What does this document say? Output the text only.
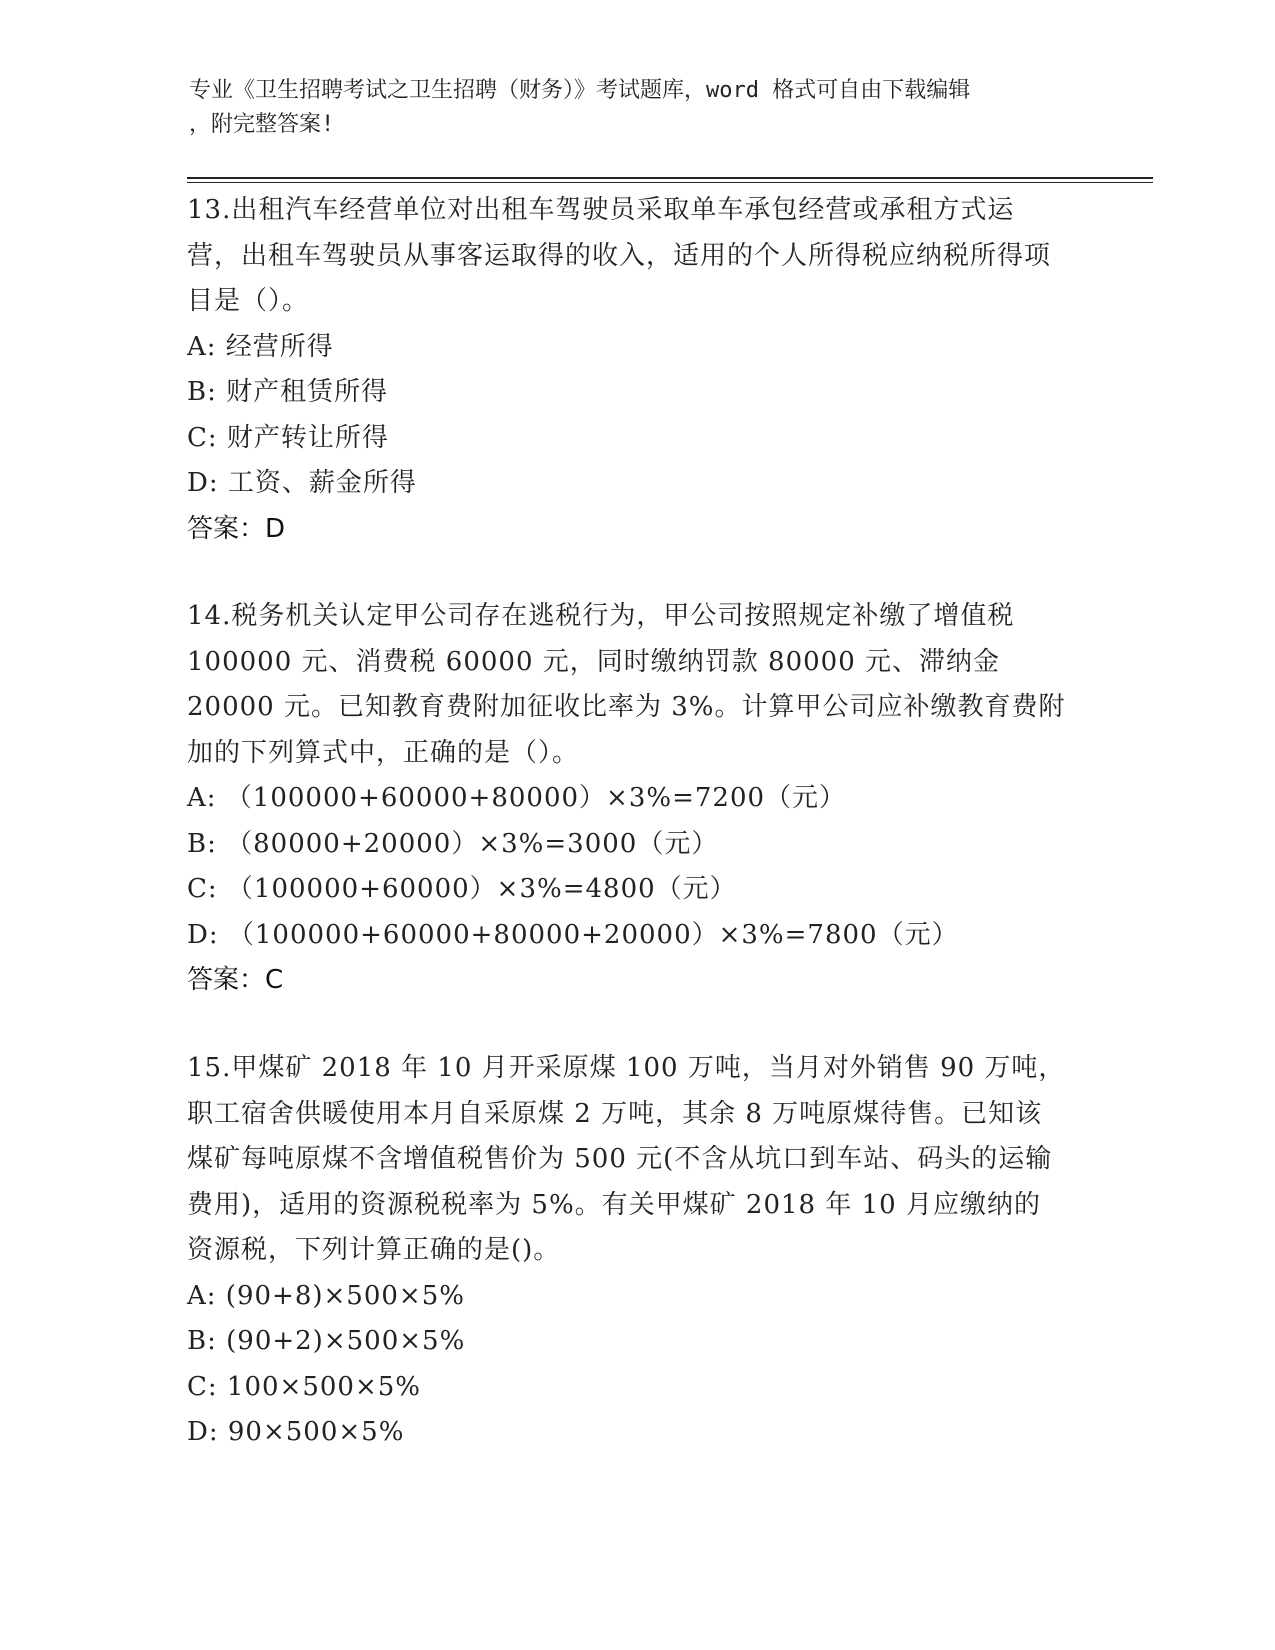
专业《卫生招聘考试之卫生招聘（财务）》考试题库，word 格式可自由下载编辑
，附完整答案!

13.出租汽车经营单位对出租车驾驶员采取单车承包经营或承租方式运营，出租车驾驶员从事客运取得的收入，适用的个人所得税应纳税所得项目是（）。

A: 经营所得

B: 财产租赁所得

C: 财产转让所得

D: 工资、薪金所得

答案：D

14.税务机关认定甲公司存在逃税行为，甲公司按照规定补缴了增值税 100000 元、消费税 60000 元，同时缴纳罚款 80000 元、滞纳金 20000 元。已知教育费附加征收比率为 3%。计算甲公司应补缴教育费附加的下列算式中，正确的是（）。

A: （100000+60000+80000）×3%=7200（元）

B: （80000+20000）×3%=3000（元）

C: （100000+60000）×3%=4800（元）

D: （100000+60000+80000+20000）×3%=7800（元）

答案：C

15.甲煤矿 2018 年 10 月开采原煤 100 万吨，当月对外销售 90 万吨，职工宿舍供暖使用本月自采原煤 2 万吨，其余 8 万吨原煤待售。已知该煤矿每吨原煤不含增值税售价为 500 元(不含从坑口到车站、码头的运输费用)，适用的资源税税率为 5%。有关甲煤矿 2018 年 10 月应缴纳的资源税，下列计算正确的是()。

A: (90+8)×500×5%

B: (90+2)×500×5%

C: 100×500×5%

D: 90×500×5%
